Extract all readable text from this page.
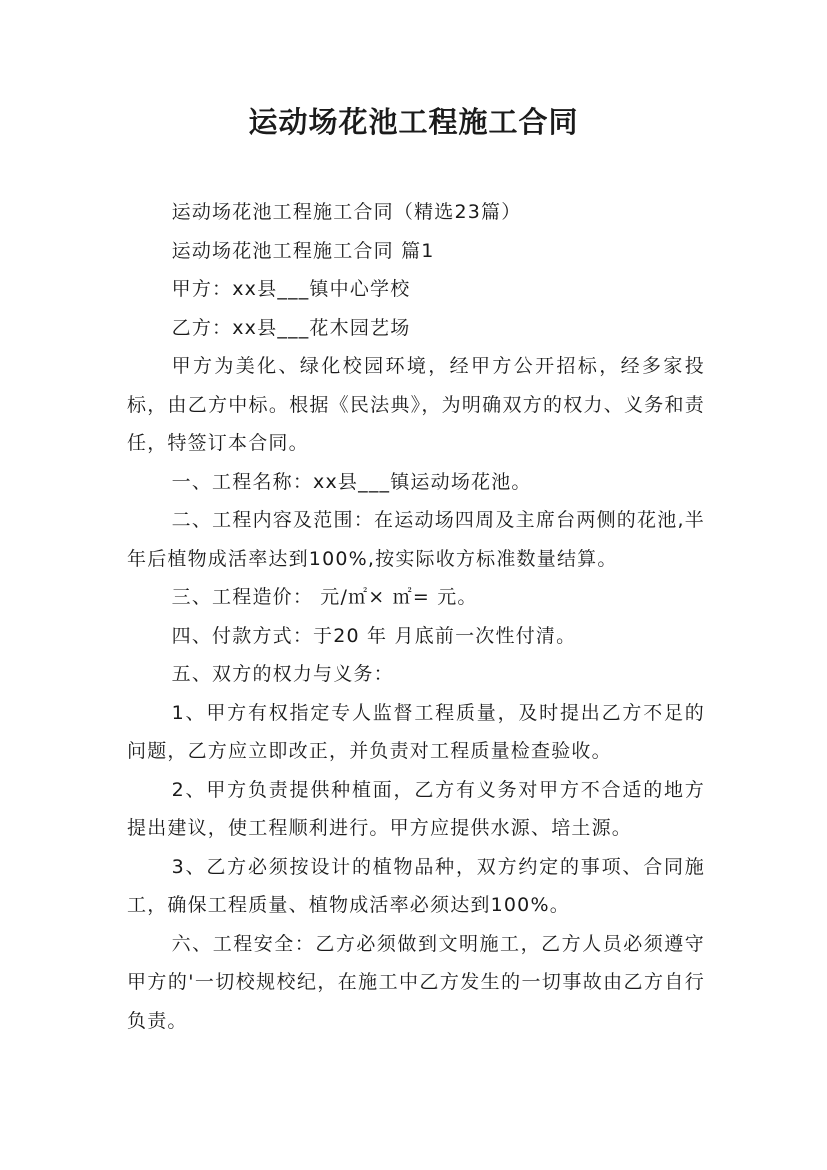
运动场花池工程施工合同

运动场花池工程施工合同（精选23篇）

运动场花池工程施工合同 篇1

甲方：xx县___镇中心学校

乙方：xx县___花木园艺场

甲方为美化、绿化校园环境，经甲方公开招标，经多家投标，由乙方中标。根据《民法典》，为明确双方的权力、义务和责任，特签订本合同。

一、工程名称：xx县___镇运动场花池。

二、工程内容及范围：在运动场四周及主席台两侧的花池,半年后植物成活率达到100%,按实际收方标准数量结算。

三、工程造价： 元/㎡× ㎡= 元。

四、付款方式：于20 年 月底前一次性付清。

五、双方的权力与义务：

1、甲方有权指定专人监督工程质量，及时提出乙方不足的问题，乙方应立即改正，并负责对工程质量检查验收。

2、甲方负责提供种植面，乙方有义务对甲方不合适的地方提出建议，使工程顺利进行。甲方应提供水源、培土源。

3、乙方必须按设计的植物品种，双方约定的事项、合同施工，确保工程质量、植物成活率必须达到100%。

六、工程安全：乙方必须做到文明施工，乙方人员必须遵守甲方的'一切校规校纪，在施工中乙方发生的一切事故由乙方自行负责。
